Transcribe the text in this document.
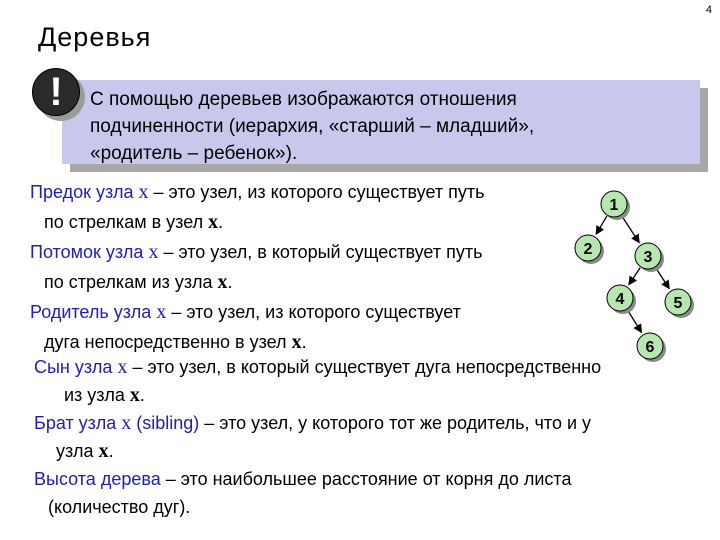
4
Деревья
!	С помощью деревьев изображаются отношения
подчиненности (иерархия, «старший – младший»,
«родитель – ребенок»).
Предок узла x – это узел, из которого существует путь
по стрелкам в узел x.
Потомок узла x – это узел, в который существует путь
по стрелкам из узла x.
Родитель узла x – это узел, из которого существует
дуга непосредственно в узел x.
Сын узла x – это узел, в который существует дуга непосредственно
из узла x.
Брат узла x (sibling) – это узел, у которого тот же родитель, что и у
узла x.
Высота дерева – это наибольшее расстояние от корня до листа
(количество дуг).
1
2	3
4	5
6
